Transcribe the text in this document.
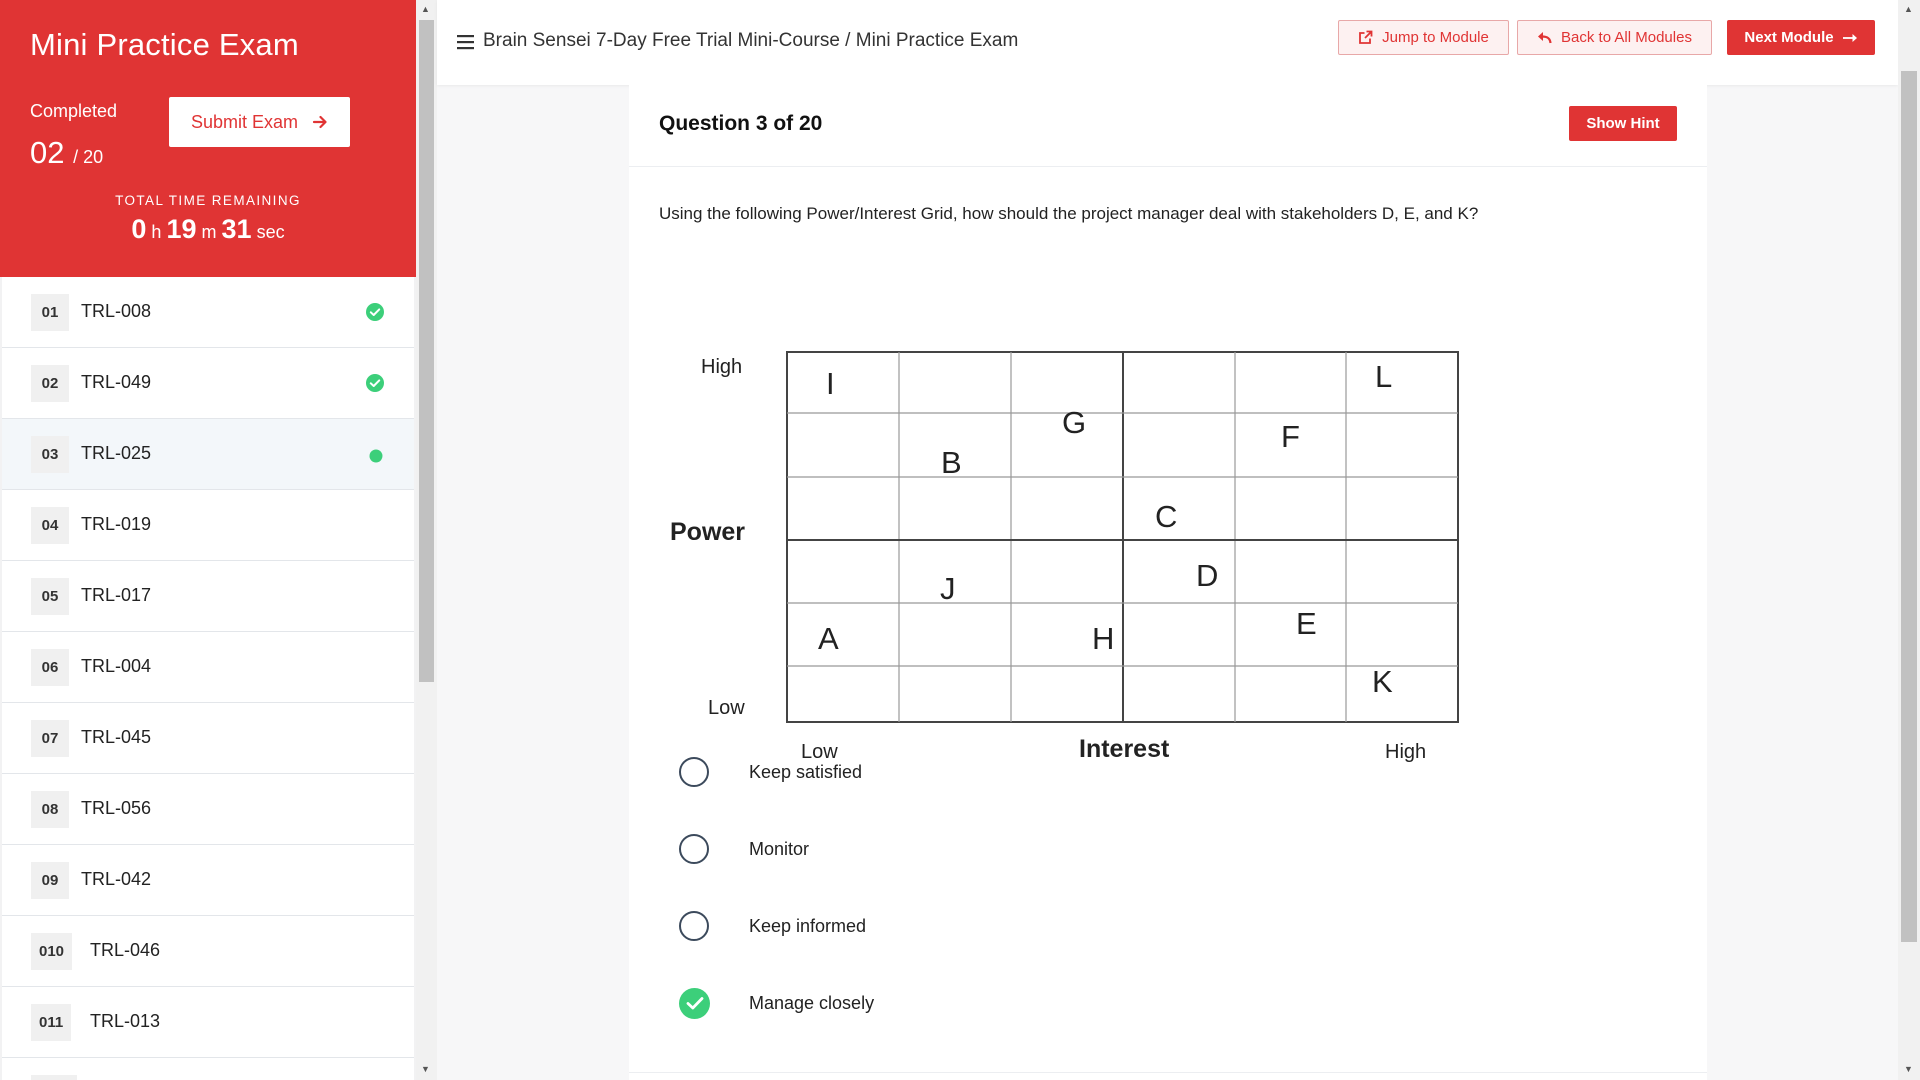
Mini Practice Exam
Completed
02 / 20
Submit Exam
TOTAL TIME REMAINING
0 h 19 m 31 sec
01	TRL-008
02	TRL-049
03	TRL-025
04	TRL-019
05	TRL-017
06	TRL-004
07	TRL-045
08	TRL-056
09	TRL-042
010	TRL-046
011	TRL-013
▲
▼
Brain Sensei 7-Day Free Trial Mini-Course / Mini Practice Exam	Jump to Module	Back to All Modules	Next Module
▲
▼
Question 3 of 20	Show Hint

Using the following Power/Interest Grid, how should the project manager deal with stakeholders D, E, and K?

High
Power
Low
Low	Interest	High
I
G
L
B
F
C
J	D
A	H	E
K
Keep satisfied
Monitor
Keep informed
Manage closely
